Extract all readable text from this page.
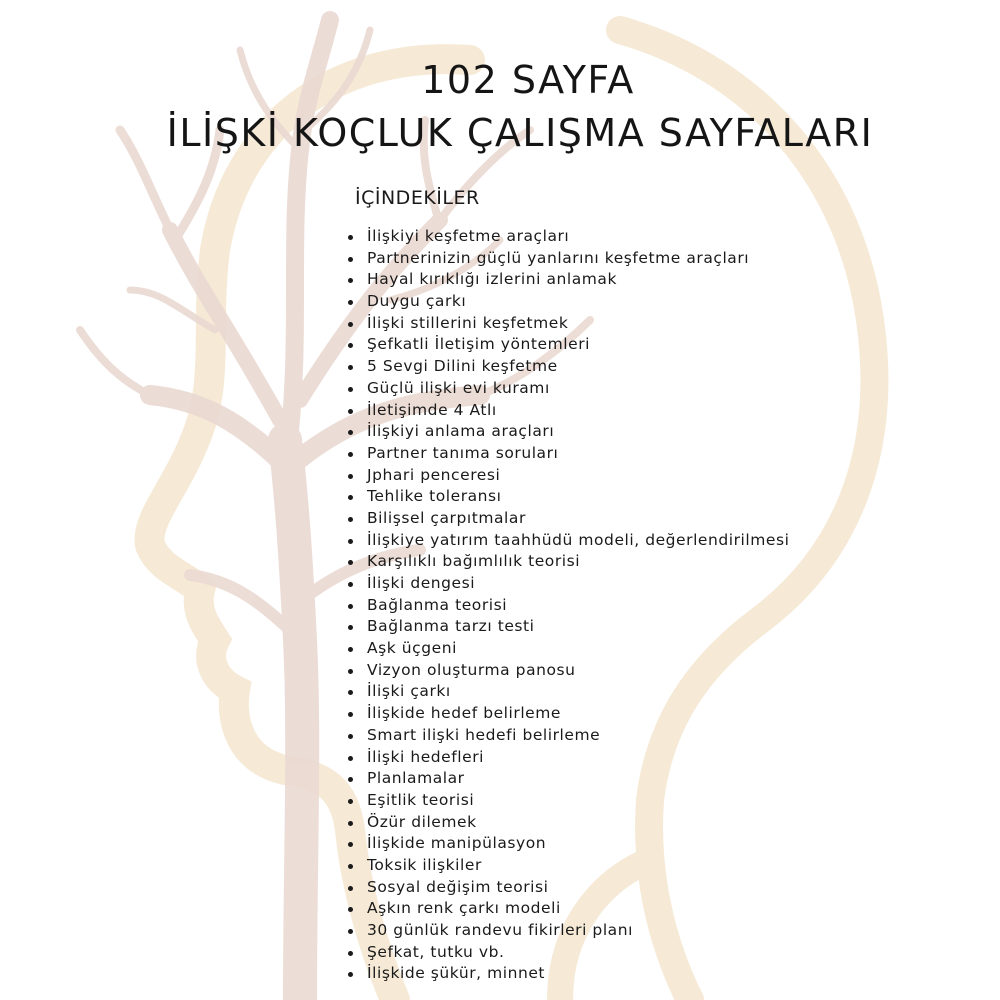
102 SAYFA
İLİŞKİ KOÇLUK ÇALIŞMA SAYFALARI
İÇİNDEKİLER
İlişkiyi keşfetme araçları
Partnerinizin güçlü yanlarını keşfetme araçları
Hayal kırıklığı izlerini anlamak
Duygu çarkı
İlişki stillerini keşfetmek
Şefkatli İletişim yöntemleri
5 Sevgi Dilini keşfetme
Güçlü ilişki evi kuramı
İletişimde 4 Atlı
İlişkiyi anlama araçları
Partner tanıma soruları
Jphari penceresi
Tehlike toleransı
Bilişsel çarpıtmalar
İlişkiye yatırım taahhüdü modeli, değerlendirilmesi
Karşılıklı bağımlılık teorisi
İlişki dengesi
Bağlanma teorisi
Bağlanma tarzı testi
Aşk üçgeni
Vizyon oluşturma panosu
İlişki çarkı
İlişkide hedef belirleme
Smart ilişki hedefi belirleme
İlişki hedefleri
Planlamalar
Eşitlik teorisi
Özür dilemek
İlişkide manipülasyon
Toksik ilişkiler
Sosyal değişim teorisi
Aşkın renk çarkı modeli
30 günlük randevu fikirleri planı
Şefkat, tutku vb.
İlişkide şükür, minnet
